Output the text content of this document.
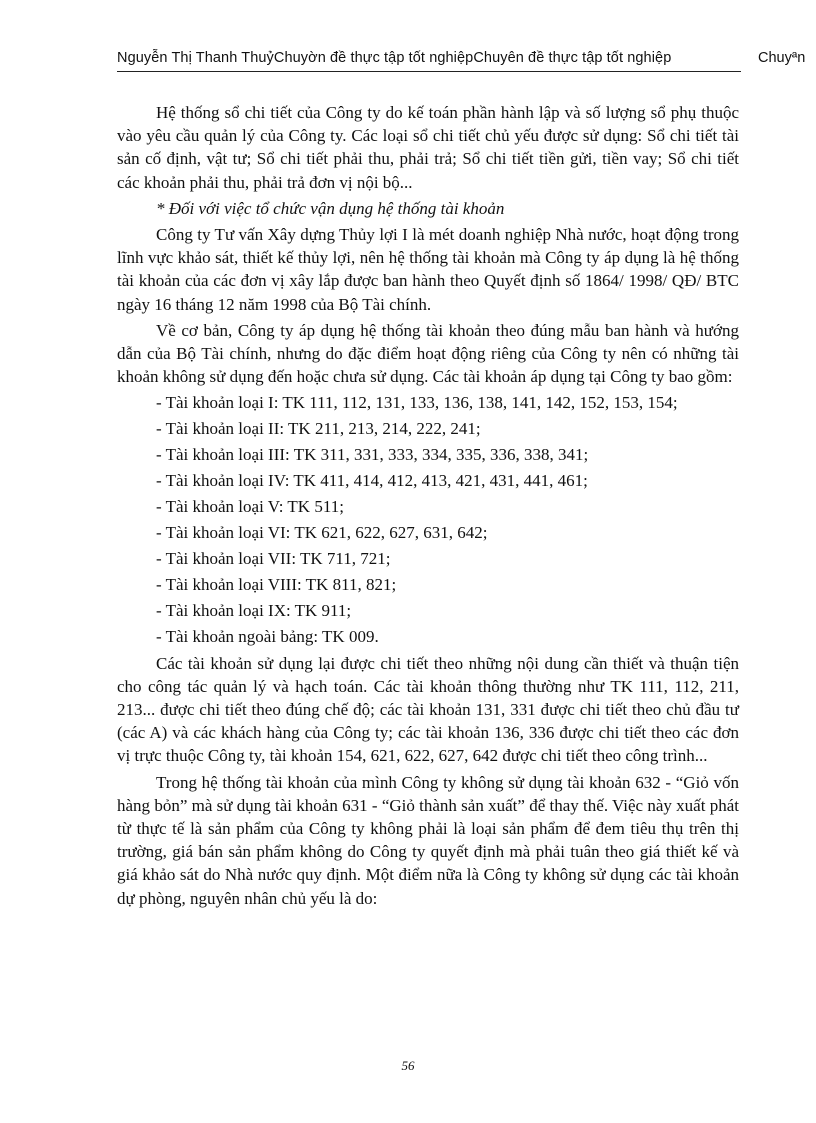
Nguyễn Thị Thanh ThuỷChuyờn đề thực tập tốt nghiệpChuyên đề thực tập tốt nghiệp	Chuyªn

Hệ thống sổ chi tiết của Công ty do kế toán phần hành lập và số lượng sổ phụ thuộc vào yêu cầu quản lý của Công ty. Các loại sổ chi tiết chủ yếu được sử dụng: Sổ chi tiết tài sản cố định, vật tư; Sổ chi tiết phải thu, phải trả; Sổ chi tiết tiền gửi, tiền vay; Sổ chi tiết các khoản phải thu, phải trả đơn vị nội bộ...

* Đối với việc tổ chức vận dụng hệ thống tài khoản

Công ty Tư vấn Xây dựng Thủy lợi I là mét doanh nghiệp Nhà nước, hoạt động trong lĩnh vực khảo sát, thiết kế thủy lợi, nên hệ thống tài khoản mà Công ty áp dụng là hệ thống tài khoản của các đơn vị xây lắp được ban hành theo Quyết định số 1864/ 1998/ QĐ/ BTC ngày 16 tháng 12 năm 1998 của Bộ Tài chính.

Về cơ bản, Công ty áp dụng hệ thống tài khoản theo đúng mẫu ban hành và hướng dẫn của Bộ Tài chính, nhưng do đặc điểm hoạt động riêng của Công ty nên có những tài khoản không sử dụng đến hoặc chưa sử dụng. Các tài khoản áp dụng tại Công ty bao gồm:

- Tài khoản loại I: TK 111, 112, 131, 133, 136, 138, 141, 142, 152, 153, 154;
- Tài khoản loại II: TK 211, 213, 214, 222, 241;
- Tài khoản loại III: TK 311, 331, 333, 334, 335, 336, 338, 341;
- Tài khoản loại IV: TK 411, 414, 412, 413, 421, 431, 441, 461;
- Tài khoản loại V: TK 511;
- Tài khoản loại VI: TK 621, 622, 627, 631, 642;
- Tài khoản loại VII: TK 711, 721;
- Tài khoản loại VIII: TK 811, 821;
- Tài khoản loại IX: TK 911;
- Tài khoản ngoài bảng: TK 009.

Các tài khoản sử dụng lại được chi tiết theo những nội dung cần thiết và thuận tiện cho công tác quản lý và hạch toán. Các tài khoản thông thường như TK 111, 112, 211, 213... được chi tiết theo đúng chế độ; các tài khoản 131, 331 được chi tiết theo chủ đầu tư (các A) và các khách hàng của Công ty; các tài khoản 136, 336 được chi tiết theo các đơn vị trực thuộc Công ty, tài khoản 154, 621, 622, 627, 642 được chi tiết theo công trình...

Trong hệ thống tài khoản của mình Công ty không sử dụng tài khoản 632 - “Giỏ vốn hàng bỏn” mà sử dụng tài khoản 631 - “Giỏ thành sản xuất” để thay thế. Việc này xuất phát từ thực tế là sản phẩm của Công ty không phải là loại sản phẩm để đem tiêu thụ trên thị trường, giá bán sản phẩm không do Công ty quyết định mà phải tuân theo giá thiết kế và giá khảo sát do Nhà nước quy định. Một điểm nữa là Công ty không sử dụng các tài khoản dự phòng, nguyên nhân chủ yếu là do:

56
